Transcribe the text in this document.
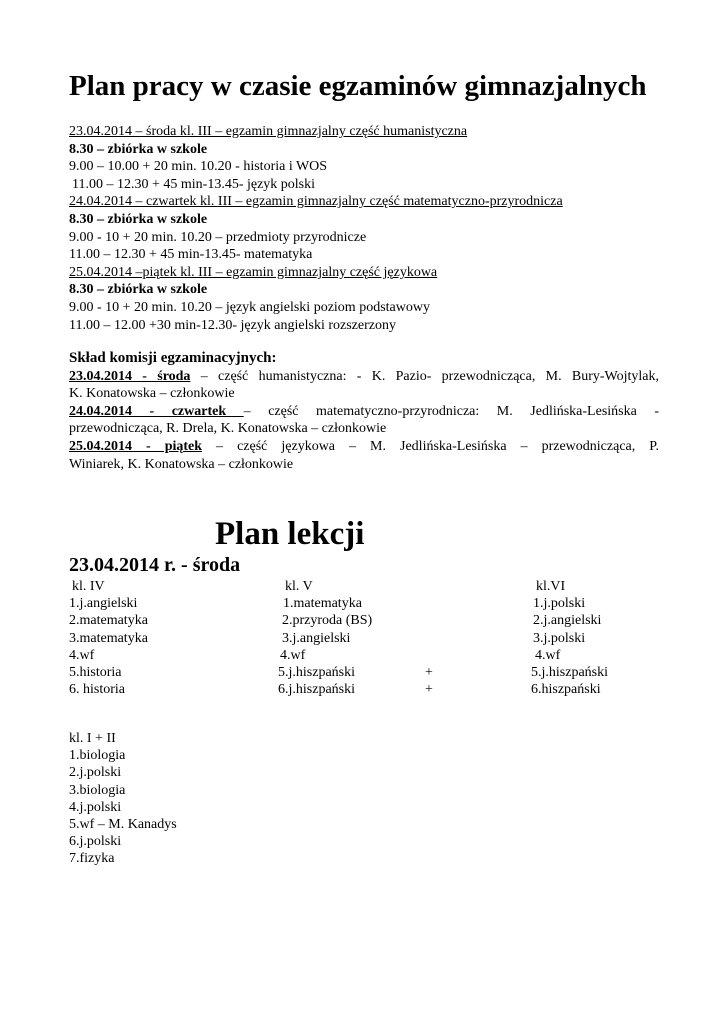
Plan pracy w czasie egzaminów gimnazjalnych
23.04.2014 – środa kl. III – egzamin gimnazjalny część humanistyczna
8.30 – zbiórka w szkole
9.00 – 10.00 + 20 min. 10.20 - historia i WOS
11.00 – 12.30 + 45 min-13.45- język polski
24.04.2014 – czwartek kl. III – egzamin gimnazjalny część matematyczno-przyrodnicza
8.30 – zbiórka w szkole
9.00 - 10 + 20 min. 10.20 – przedmioty przyrodnicze
11.00 – 12.30 + 45 min-13.45- matematyka
25.04.2014 –piątek kl. III – egzamin gimnazjalny część językowa
8.30 – zbiórka w szkole
9.00 - 10 + 20 min. 10.20 – język angielski poziom podstawowy
11.00 – 12.00 +30 min-12.30- język angielski rozszerzony
Skład komisji egzaminacyjnych:
23.04.2014 - środa – część humanistyczna: - K. Pazio- przewodnicząca, M. Bury-Wojtylak,
K. Konatowska – członkowie
24.04.2014 - czwartek – część matematyczno-przyrodnicza: M. Jedlińska-Lesińska -
przewodnicząca, R. Drela, K. Konatowska – członkowie
25.04.2014 - piątek – część językowa – M. Jedlińska-Lesińska – przewodnicząca, P.
Winiarek, K. Konatowska – członkowie
Plan lekcji
23.04.2014 r. - środa
kl. IV	kl. V	kl.VI
1.j.angielski	1.matematyka	1.j.polski
2.matematyka	2.przyroda (BS)	2.j.angielski
3.matematyka	3.j.angielski	3.j.polski
4.wf	4.wf	4.wf
5.historia	5.j.hiszpański	+	5.j.hiszpański
6. historia	6.j.hiszpański	+	6.hiszpański
kl. I + II
1.biologia
2.j.polski
3.biologia
4.j.polski
5.wf – M. Kanadys
6.j.polski
7.fizyka
